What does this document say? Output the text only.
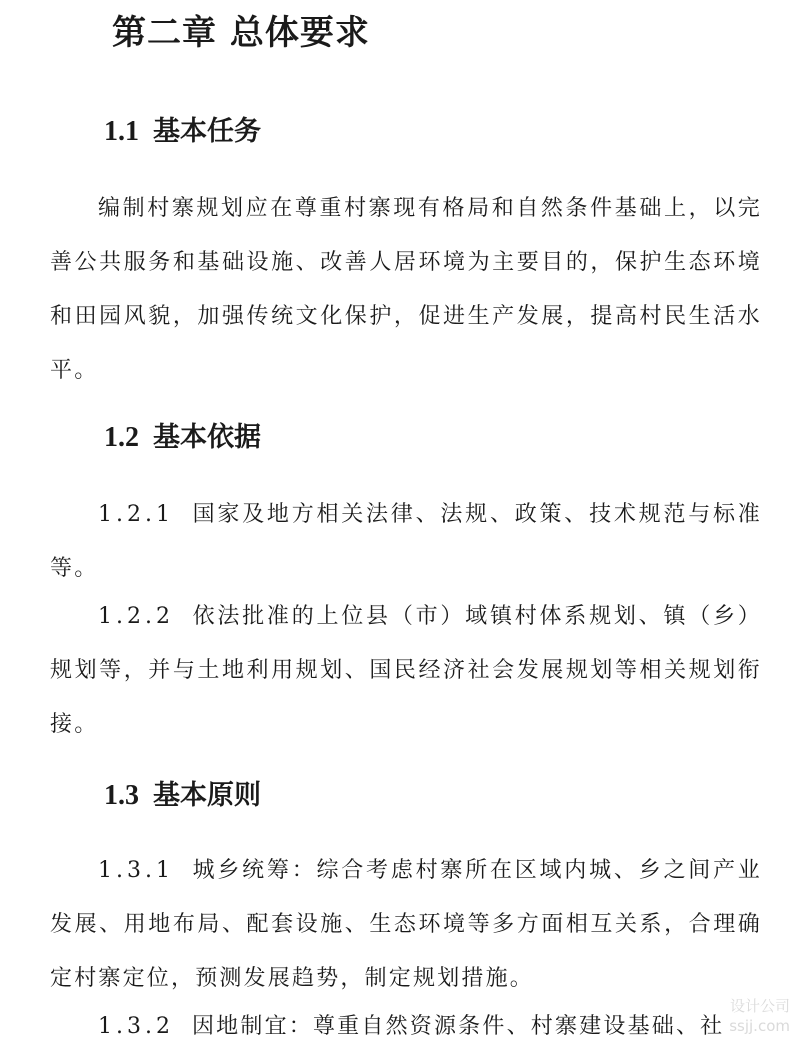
第二章 总体要求
1.1 基本任务

编制村寨规划应在尊重村寨现有格局和自然条件基础上，以完善公共服务和基础设施、改善人居环境为主要目的，保护生态环境和田园风貌，加强传统文化保护，促进生产发展，提高村民生活水平。

1.2 基本依据

1.2.1 国家及地方相关法律、法规、政策、技术规范与标准等。

1.2.2 依法批准的上位县（市）域镇村体系规划、镇（乡）规划等，并与土地利用规划、国民经济社会发展规划等相关规划衔接。

1.3 基本原则

1.3.1 城乡统筹：综合考虑村寨所在区域内城、乡之间产业发展、用地布局、配套设施、生态环境等多方面相互关系，合理确定村寨定位，预测发展趋势，制定规划措施。

1.3.2 因地制宜：尊重自然资源条件、村寨建设基础、社

设计公司
ssjj.com
